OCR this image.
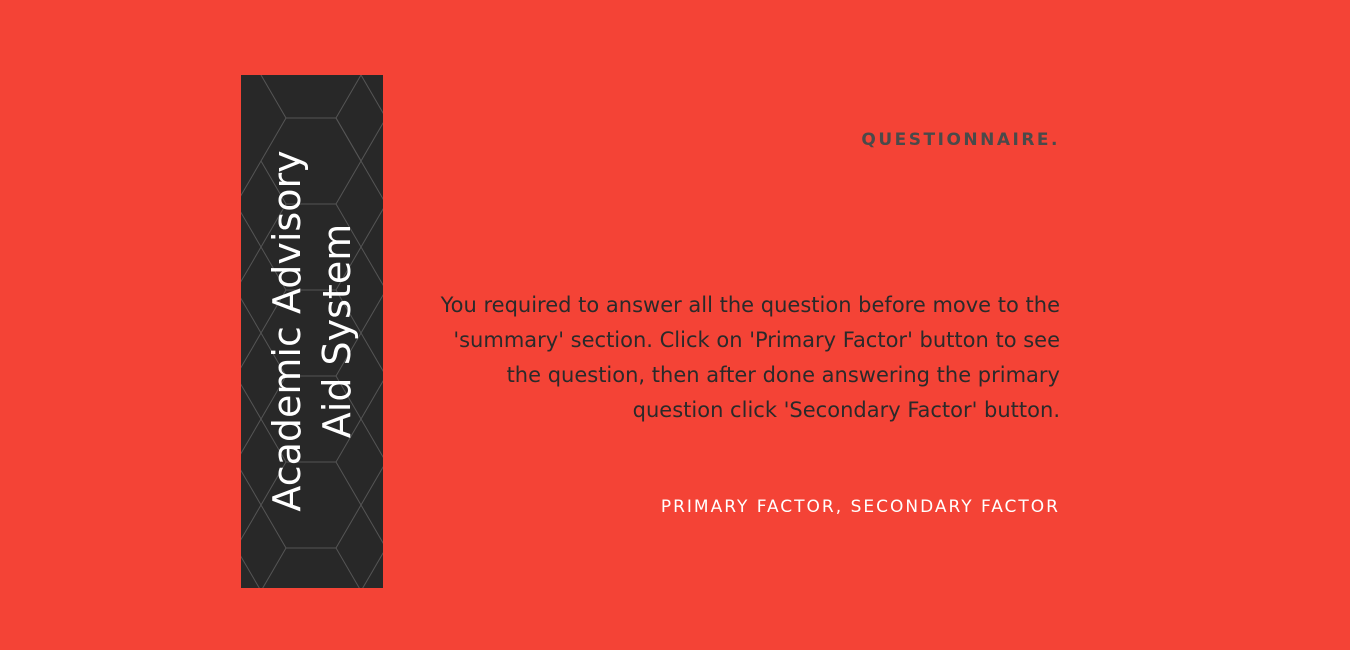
Academic Advisory Aid System
QUESTIONNAIRE.
You required to answer all the question before move to the 'summary' section. Click on 'Primary Factor' button to see the question, then after done answering the primary question click 'Secondary Factor' button.
PRIMARY FACTOR, SECONDARY FACTOR
